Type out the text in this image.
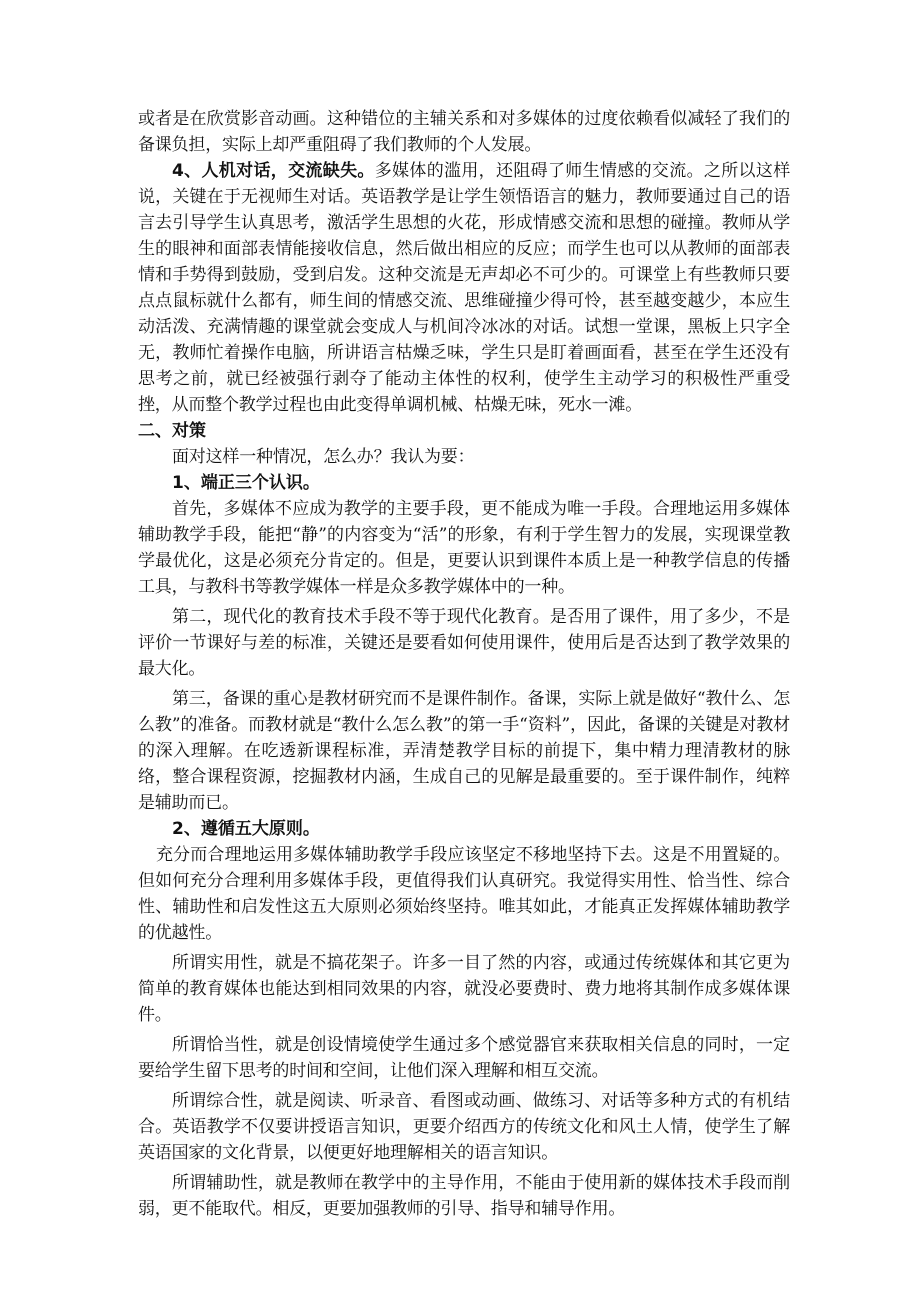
或者是在欣赏影音动画。这种错位的主辅关系和对多媒体的过度依赖看似减轻了我们的备课负担，实际上却严重阻碍了我们教师的个人发展。

4、人机对话，交流缺失。多媒体的滥用，还阻碍了师生情感的交流。之所以这样说，关键在于无视师生对话。英语教学是让学生领悟语言的魅力，教师要通过自己的语言去引导学生认真思考，激活学生思想的火花，形成情感交流和思想的碰撞。教师从学生的眼神和面部表情能接收信息，然后做出相应的反应；而学生也可以从教师的面部表情和手势得到鼓励，受到启发。这种交流是无声却必不可少的。可课堂上有些教师只要点点鼠标就什么都有，师生间的情感交流、思维碰撞少得可怜，甚至越变越少，本应生动活泼、充满情趣的课堂就会变成人与机间冷冰冰的对话。试想一堂课，黑板上只字全无，教师忙着操作电脑，所讲语言枯燥乏味，学生只是盯着画面看，甚至在学生还没有思考之前，就已经被强行剥夺了能动主体性的权利，使学生主动学习的积极性严重受挫，从而整个教学过程也由此变得单调机械、枯燥无味，死水一滩。

二、对策

面对这样一种情况，怎么办？我认为要：

1、端正三个认识。

首先，多媒体不应成为教学的主要手段，更不能成为唯一手段。合理地运用多媒体辅助教学手段，能把“静”的内容变为“活”的形象，有利于学生智力的发展，实现课堂教学最优化，这是必须充分肯定的。但是，更要认识到课件本质上是一种教学信息的传播工具，与教科书等教学媒体一样是众多教学媒体中的一种。

第二，现代化的教育技术手段不等于现代化教育。是否用了课件，用了多少，不是评价一节课好与差的标准，关键还是要看如何使用课件，使用后是否达到了教学效果的最大化。

第三，备课的重心是教材研究而不是课件制作。备课，实际上就是做好“教什么、怎么教”的准备。而教材就是“教什么怎么教”的第一手“资料”，因此，备课的关键是对教材的深入理解。在吃透新课程标准，弄清楚教学目标的前提下，集中精力理清教材的脉络，整合课程资源，挖掘教材内涵，生成自己的见解是最重要的。至于课件制作，纯粹是辅助而已。

2、遵循五大原则。

充分而合理地运用多媒体辅助教学手段应该坚定不移地坚持下去。这是不用置疑的。但如何充分合理利用多媒体手段，更值得我们认真研究。我觉得实用性、恰当性、综合性、辅助性和启发性这五大原则必须始终坚持。唯其如此，才能真正发挥媒体辅助教学的优越性。

所谓实用性，就是不搞花架子。许多一目了然的内容，或通过传统媒体和其它更为简单的教育媒体也能达到相同效果的内容，就没必要费时、费力地将其制作成多媒体课件。

所谓恰当性，就是创设情境使学生通过多个感觉器官来获取相关信息的同时，一定要给学生留下思考的时间和空间，让他们深入理解和相互交流。

所谓综合性，就是阅读、听录音、看图或动画、做练习、对话等多种方式的有机结合。英语教学不仅要讲授语言知识，更要介绍西方的传统文化和风土人情，使学生了解英语国家的文化背景，以便更好地理解相关的语言知识。

所谓辅助性，就是教师在教学中的主导作用，不能由于使用新的媒体技术手段而削弱，更不能取代。相反，更要加强教师的引导、指导和辅导作用。
